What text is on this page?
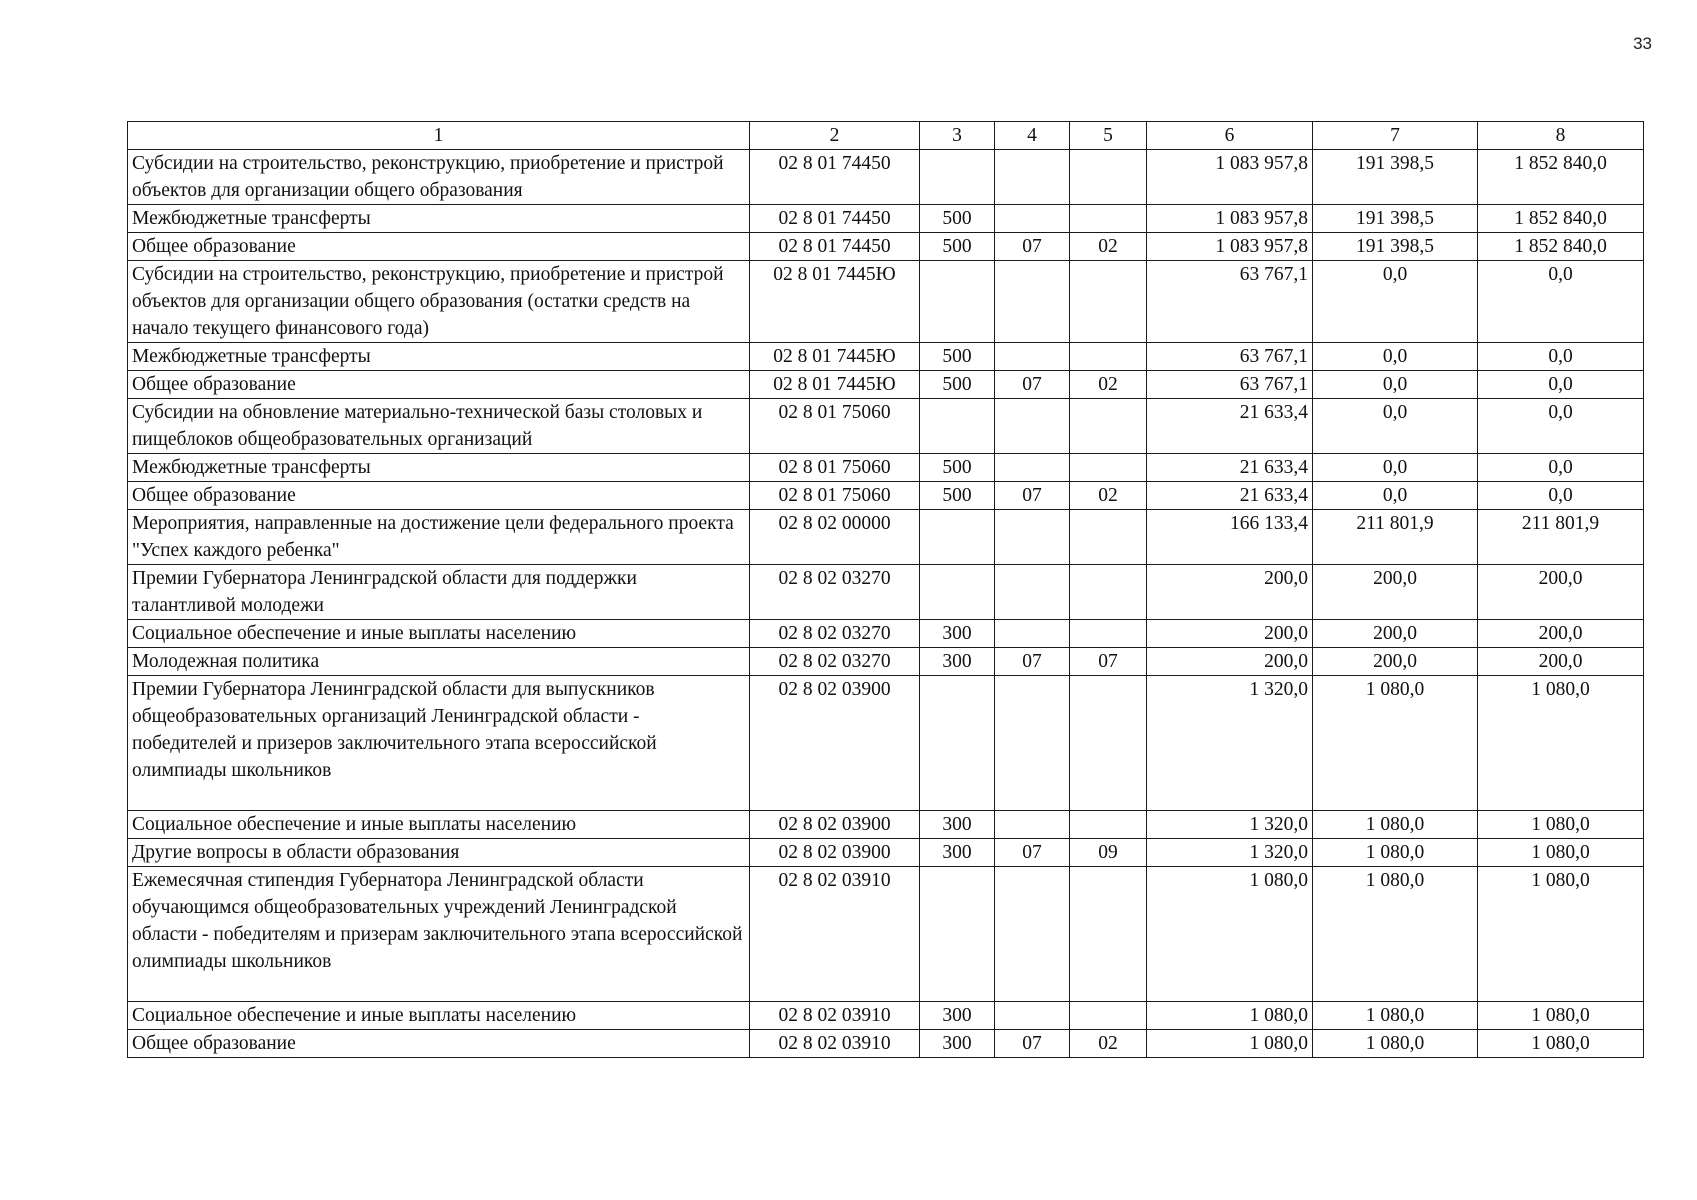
33
1	2	3	4	5	6	7	8
Субсидии на строительство, реконструкцию, приобретение и пристрой объектов для организации общего образования	02 8 01 74450				1 083 957,8	191 398,5	1 852 840,0
Межбюджетные трансферты	02 8 01 74450	500			1 083 957,8	191 398,5	1 852 840,0
Общее образование	02 8 01 74450	500	07	02	1 083 957,8	191 398,5	1 852 840,0
Субсидии на строительство, реконструкцию, приобретение и пристрой объектов для организации общего образования (остатки средств на начало текущего финансового года)	02 8 01 7445Ю				63 767,1	0,0	0,0
Межбюджетные трансферты	02 8 01 7445Ю	500			63 767,1	0,0	0,0
Общее образование	02 8 01 7445Ю	500	07	02	63 767,1	0,0	0,0
Субсидии на обновление материально-технической базы столовых и пищеблоков общеобразовательных организаций	02 8 01 75060				21 633,4	0,0	0,0
Межбюджетные трансферты	02 8 01 75060	500			21 633,4	0,0	0,0
Общее образование	02 8 01 75060	500	07	02	21 633,4	0,0	0,0
Мероприятия, направленные на достижение цели федерального проекта "Успех каждого ребенка"	02 8 02 00000				166 133,4	211 801,9	211 801,9
Премии Губернатора Ленинградской области для поддержки талантливой молодежи	02 8 02 03270				200,0	200,0	200,0
Социальное обеспечение и иные выплаты населению	02 8 02 03270	300			200,0	200,0	200,0
Молодежная политика	02 8 02 03270	300	07	07	200,0	200,0	200,0
Премии Губернатора Ленинградской области для выпускников общеобразовательных организаций Ленинградской области - победителей и призеров заключительного этапа всероссийской олимпиады школьников	02 8 02 03900				1 320,0	1 080,0	1 080,0
Социальное обеспечение и иные выплаты населению	02 8 02 03900	300			1 320,0	1 080,0	1 080,0
Другие вопросы в области образования	02 8 02 03900	300	07	09	1 320,0	1 080,0	1 080,0
Ежемесячная стипендия Губернатора Ленинградской области обучающимся общеобразовательных учреждений Ленинградской области - победителям и призерам заключительного этапа всероссийской олимпиады школьников	02 8 02 03910				1 080,0	1 080,0	1 080,0
Социальное обеспечение и иные выплаты населению	02 8 02 03910	300			1 080,0	1 080,0	1 080,0
Общее образование	02 8 02 03910	300	07	02	1 080,0	1 080,0	1 080,0
